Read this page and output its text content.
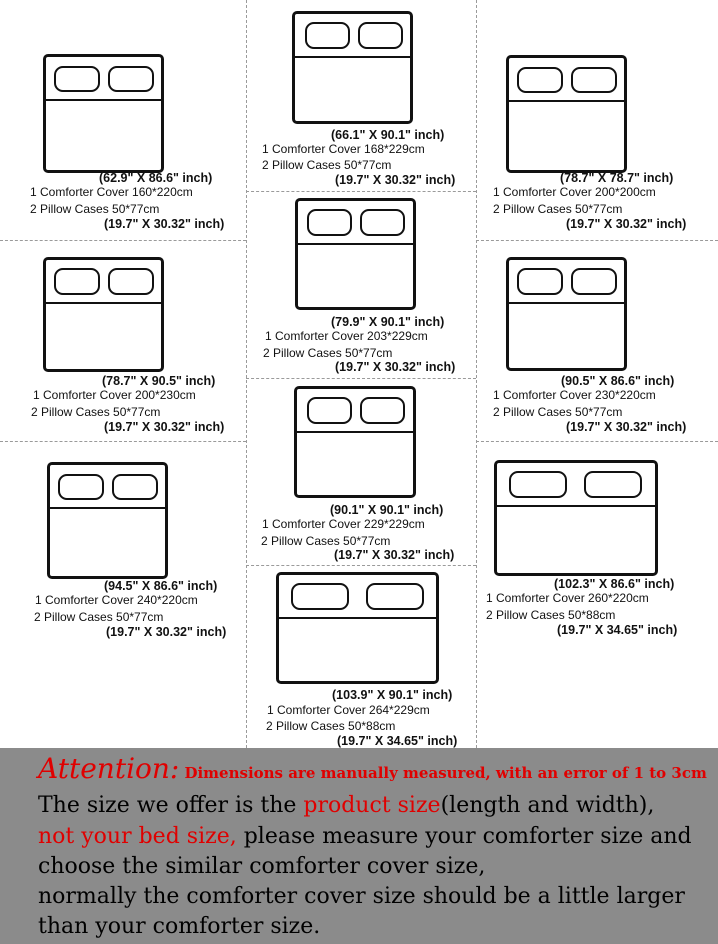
(62.9" X 86.6" inch)
1 Comforter Cover 160*220cm
2 Pillow Cases 50*77cm
(19.7" X 30.32" inch)
(66.1" X 90.1" inch)
1 Comforter Cover 168*229cm
2 Pillow Cases 50*77cm
(19.7" X 30.32" inch)	(78.7" X 78.7" inch)
1 Comforter Cover 200*200cm
2 Pillow Cases 50*77cm
(19.7" X 30.32" inch)
(78.7" X 90.5" inch)
1 Comforter Cover 200*230cm
2 Pillow Cases 50*77cm
(19.7" X 30.32" inch)
(79.9" X 90.1" inch)
1 Comforter Cover 203*229cm
2 Pillow Cases 50*77cm
(19.7" X 30.32" inch)
(90.5" X 86.6" inch)
1 Comforter Cover 230*220cm
2 Pillow Cases 50*77cm
(19.7" X 30.32" inch)
(94.5" X 86.6" inch)
1 Comforter Cover 240*220cm
2 Pillow Cases 50*77cm
(19.7" X 30.32" inch)
(90.1" X 90.1" inch)
1 Comforter Cover 229*229cm
2 Pillow Cases 50*77cm
(19.7" X 30.32" inch)
(102.3" X 86.6" inch)
1 Comforter Cover 260*220cm
2 Pillow Cases 50*88cm
(19.7" X 34.65" inch)
(103.9" X 90.1" inch)
1 Comforter Cover 264*229cm
2 Pillow Cases 50*88cm
(19.7" X 34.65" inch)
Attention: Dimensions are manually measured, with an error of 1 to 3cm
The size we offer is the product size(length and width),
not your bed size, please measure your comforter size and
choose the similar comforter cover size,
normally the comforter cover size should be a little larger
than your comforter size.
